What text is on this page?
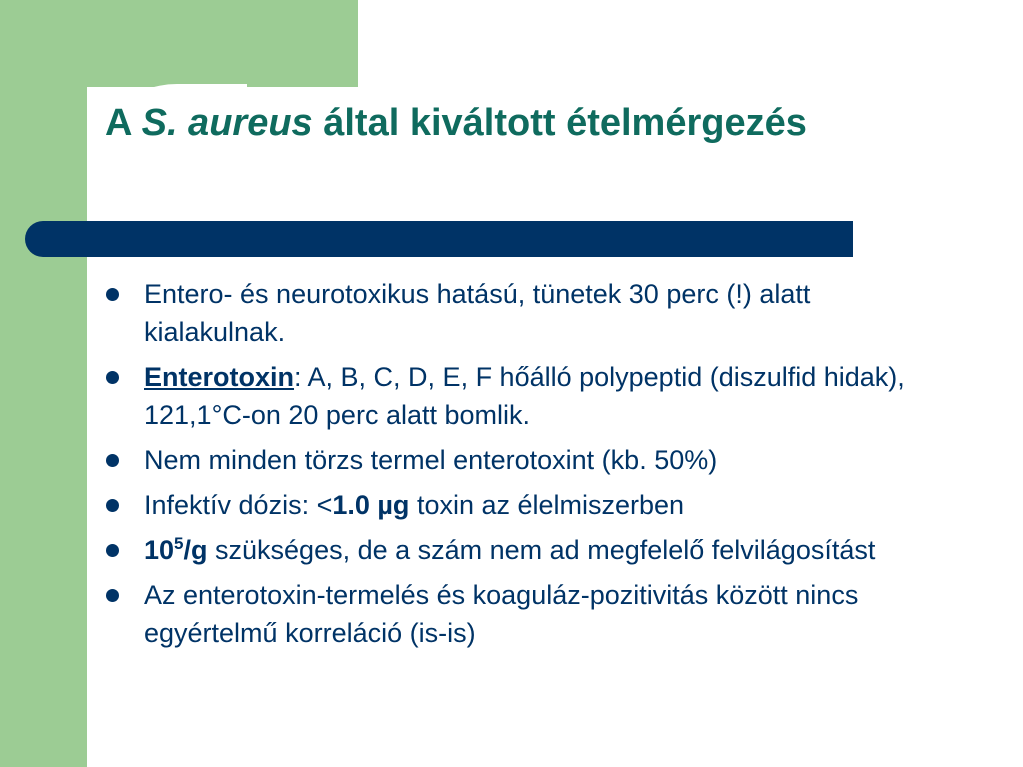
A S. aureus által kiváltott ételmérgezés
Entero- és neurotoxikus hatású, tünetek 30 perc (!) alatt kialakulnak.
Enterotoxin: A, B, C, D, E, F hőálló polypeptid (diszulfid hidak), 121,1°C-on 20 perc alatt bomlik.
Nem minden törzs termel enterotoxint (kb. 50%)
Infektív dózis: <1.0 µg toxin az élelmiszerben
$10^5/g$ szükséges, de a szám nem ad megfelelő felvilágosítást
Az enterotoxin-termelés és koaguláz-pozitivitás között nincs egyértelmű korreláció (is-is)
